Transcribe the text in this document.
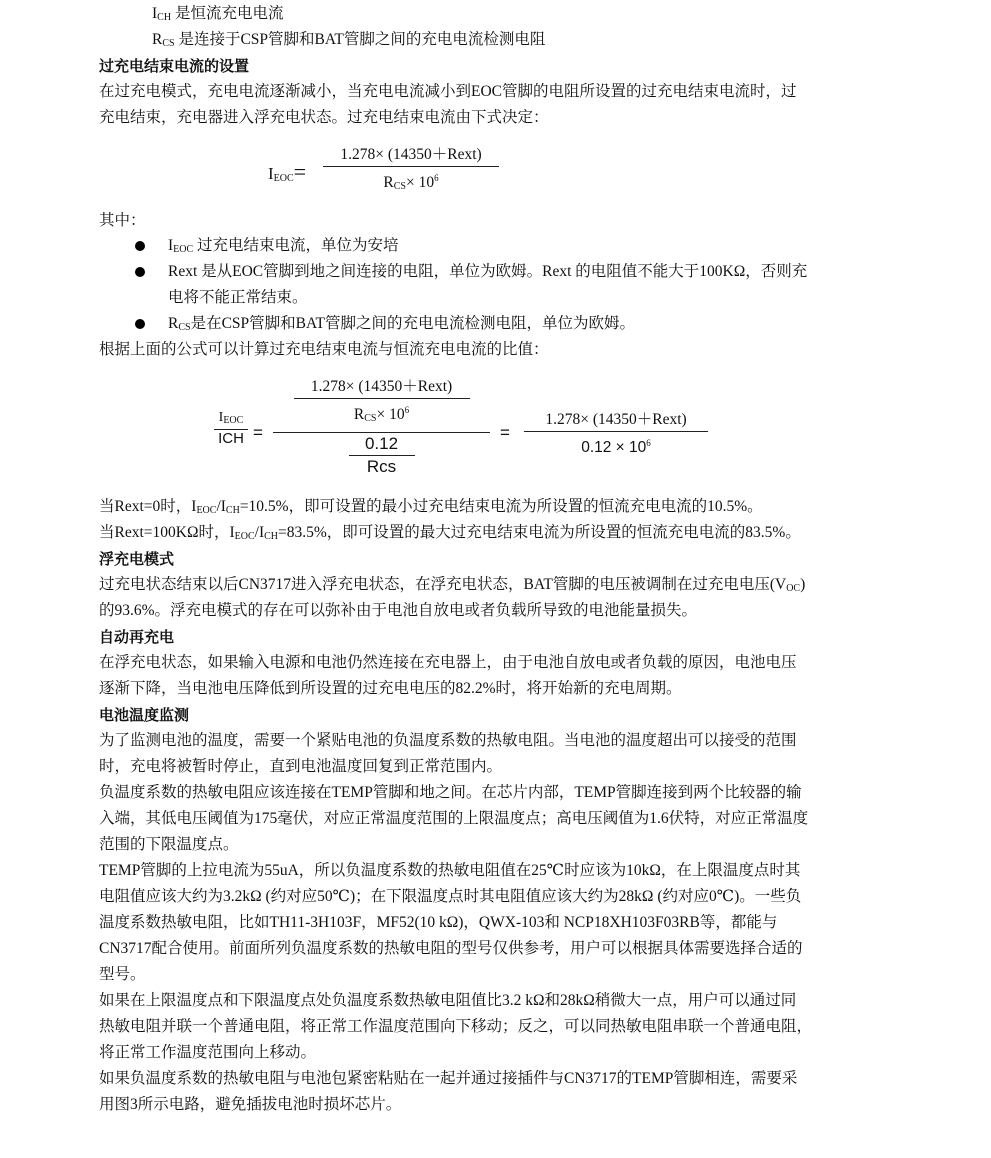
$I_{CH}$ 是恒流充电电流
$R_{CS}$ 是连接于CSP管脚和BAT管脚之间的充电电流检测电阻
过充电结束电流的设置
在过充电模式，充电电流逐渐减小，当充电电流减小到EOC管脚的电阻所设置的过充电结束电流时，过
充电结束，充电器进入浮充电状态。过充电结束电流由下式决定：
$I_{EOC}=$
1.278× (14350＋Rext)
$R_{CS}\times 10^6$
其中：
$I_{EOC}$ 过充电结束电流，单位为安培
Rext 是从EOC管脚到地之间连接的电阻，单位为欧姆。Rext 的电阻值不能大于100KΩ，否则充
电将不能正常结束。
$R_{CS}$是在CSP管脚和BAT管脚之间的充电电流检测电阻，单位为欧姆。
根据上面的公式可以计算过充电结束电流与恒流充电电流的比值：
$I_{EOC}$
ICH =
$\frac{\text{1.278× (14350＋Rext)}}{R_{CS}\times 10^6}$
$\frac{0.12}{\text{Rcs}}$
=
1.278× (14350＋Rext)
$0.12 \times 10^6$
当Rext=0时，$I_{EOC}/I_{CH}=10.5\%$，即可设置的最小过充电结束电流为所设置的恒流充电电流的10.5%。
当Rext=100KΩ时，$I_{EOC}/I_{CH}=83.5\%$，即可设置的最大过充电结束电流为所设置的恒流充电电流的83.5%。
浮充电模式
过充电状态结束以后CN3717进入浮充电状态，在浮充电状态，BAT管脚的电压被调制在过充电电压$(V_{OC})$
的93.6%。浮充电模式的存在可以弥补由于电池自放电或者负载所导致的电池能量损失。
自动再充电
在浮充电状态，如果输入电源和电池仍然连接在充电器上，由于电池自放电或者负载的原因，电池电压
逐渐下降，当电池电压降低到所设置的过充电电压的82.2%时，将开始新的充电周期。
电池温度监测
为了监测电池的温度，需要一个紧贴电池的负温度系数的热敏电阻。当电池的温度超出可以接受的范围
时，充电将被暂时停止，直到电池温度回复到正常范围内。
负温度系数的热敏电阻应该连接在TEMP管脚和地之间。在芯片内部，TEMP管脚连接到两个比较器的输
入端，其低电压阈值为175毫伏，对应正常温度范围的上限温度点；高电压阈值为1.6伏特，对应正常温度
范围的下限温度点。
TEMP管脚的上拉电流为55uA，所以负温度系数的热敏电阻值在25℃时应该为10kΩ，在上限温度点时其
电阻值应该大约为3.2kΩ (约对应50℃)；在下限温度点时其电阻值应该大约为28kΩ (约对应0℃)。一些负
温度系数热敏电阻，比如TH11-3H103F，MF52(10 kΩ)，QWX-103和 NCP18XH103F03RB等，都能与
CN3717配合使用。前面所列负温度系数的热敏电阻的型号仅供参考，用户可以根据具体需要选择合适的
型号。
如果在上限温度点和下限温度点处负温度系数热敏电阻值比3.2 kΩ和28kΩ稍微大一点，用户可以通过同
热敏电阻并联一个普通电阻，将正常工作温度范围向下移动；反之，可以同热敏电阻串联一个普通电阻，
将正常工作温度范围向上移动。
如果负温度系数的热敏电阻与电池包紧密粘贴在一起并通过接插件与CN3717的TEMP管脚相连，需要采
用图3所示电路，避免插拔电池时损坏芯片。
